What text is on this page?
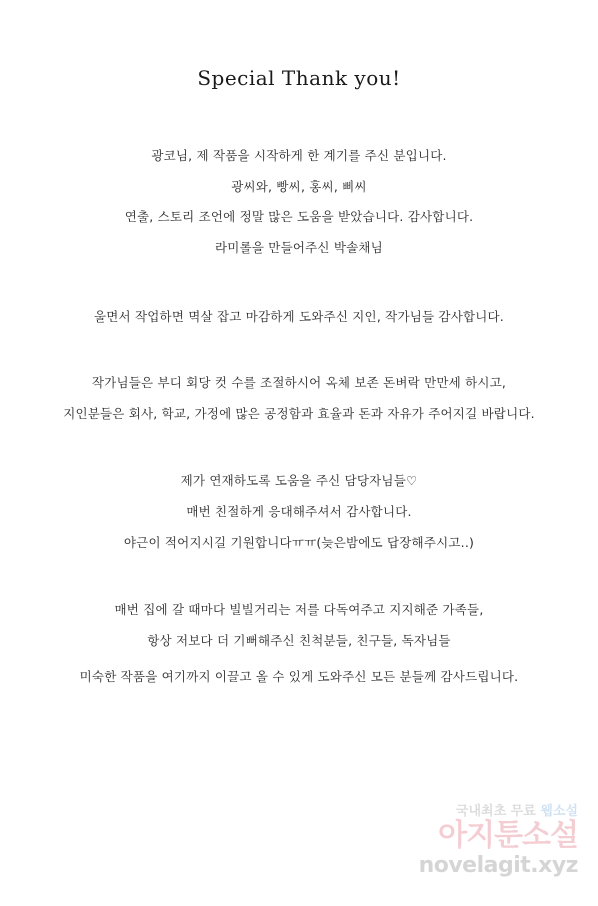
Special Thank you!
광코님, 제 작품을 시작하게 한 계기를 주신 분입니다.
광씨와, 빵씨, 홍씨, 삐씨
연출, 스토리 조언에 정말 많은 도움을 받았습니다. 감사합니다.
라미롤을 만들어주신 박솔채님
울면서 작업하면 멱살 잡고 마감하게 도와주신 지인, 작가님들 감사합니다.
작가님들은 부디 회당 컷 수를 조절하시어 옥체 보존 돈벼락 만만세 하시고,
지인분들은 회사, 학교, 가정에 많은 공정함과 효율과 돈과 자유가 주어지길 바랍니다.
제가 연재하도록 도움을 주신 담당자님들♡
매번 친절하게 응대해주셔서 감사합니다.
야근이 적어지시길 기원합니다ㅠㅠ(늦은밤에도 답장해주시고..)
매번 집에 갈 때마다 빌빌거리는 저를 다독여주고 지지해준 가족들,
항상 저보다 더 기뻐해주신 친척분들, 친구들, 독자님들
미숙한 작품을 여기까지 이끌고 올 수 있게 도와주신 모든 분들께 감사드립니다.
국내최초 무료 웹소설
아지툰소설
novelagit.xyz
